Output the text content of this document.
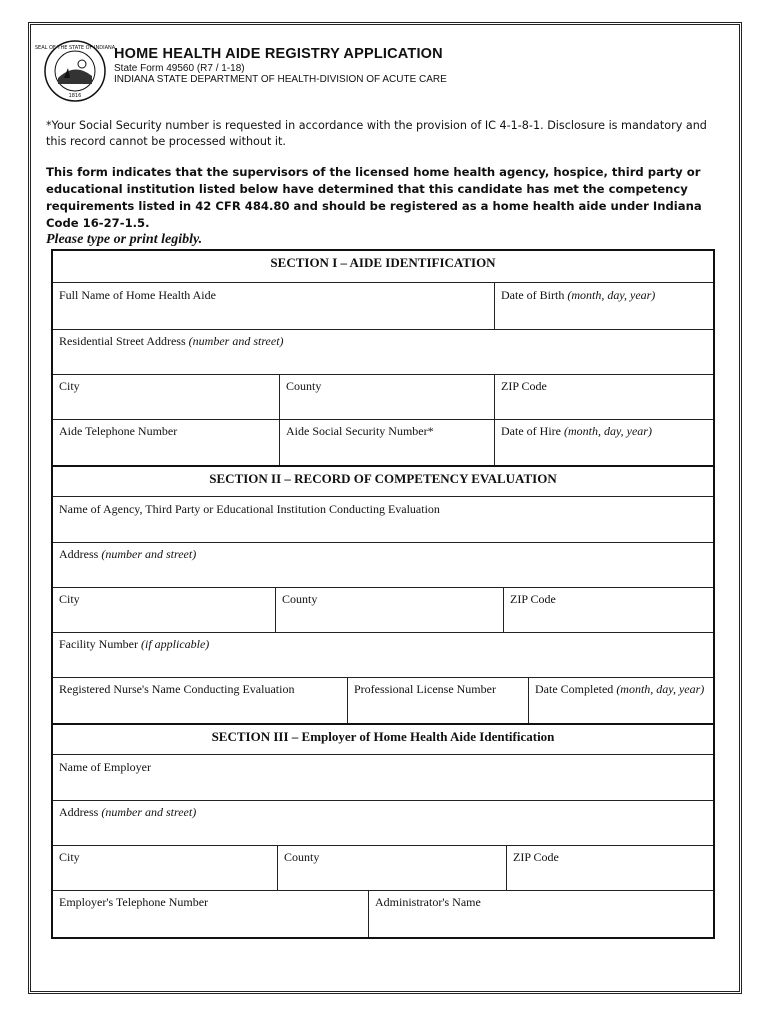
SEAL OF THE STATE OF INDIANA
1816
HOME HEALTH AIDE REGISTRY APPLICATION
State Form 49560 (R7 / 1-18)
INDIANA STATE DEPARTMENT OF HEALTH-DIVISION OF ACUTE CARE
*Your Social Security number is requested in accordance with the provision of IC 4-1-8-1. Disclosure is mandatory and this record cannot be processed without it.
This form indicates that the supervisors of the licensed home health agency, hospice, third party or educational institution listed below have determined that this candidate has met the competency requirements listed in 42 CFR 484.80 and should be registered as a home health aide under Indiana Code 16-27-1.5.
Please type or print legibly.
SECTION I – AIDE IDENTIFICATION
Full Name of Home Health Aide	Date of Birth (month, day, year)
Residential Street Address (number and street)
City	County	ZIP Code
Aide Telephone Number	Aide Social Security Number*	Date of Hire (month, day, year)
SECTION II – RECORD OF COMPETENCY EVALUATION
Name of Agency, Third Party or Educational Institution Conducting Evaluation
Address (number and street)
City	County	ZIP Code
Facility Number (if applicable)
Registered Nurse's Name Conducting Evaluation	Professional License Number	Date Completed (month, day, year)
SECTION III – Employer of Home Health Aide Identification
Name of Employer
Address (number and street)
City	County	ZIP Code
Employer's Telephone Number	Administrator's Name
